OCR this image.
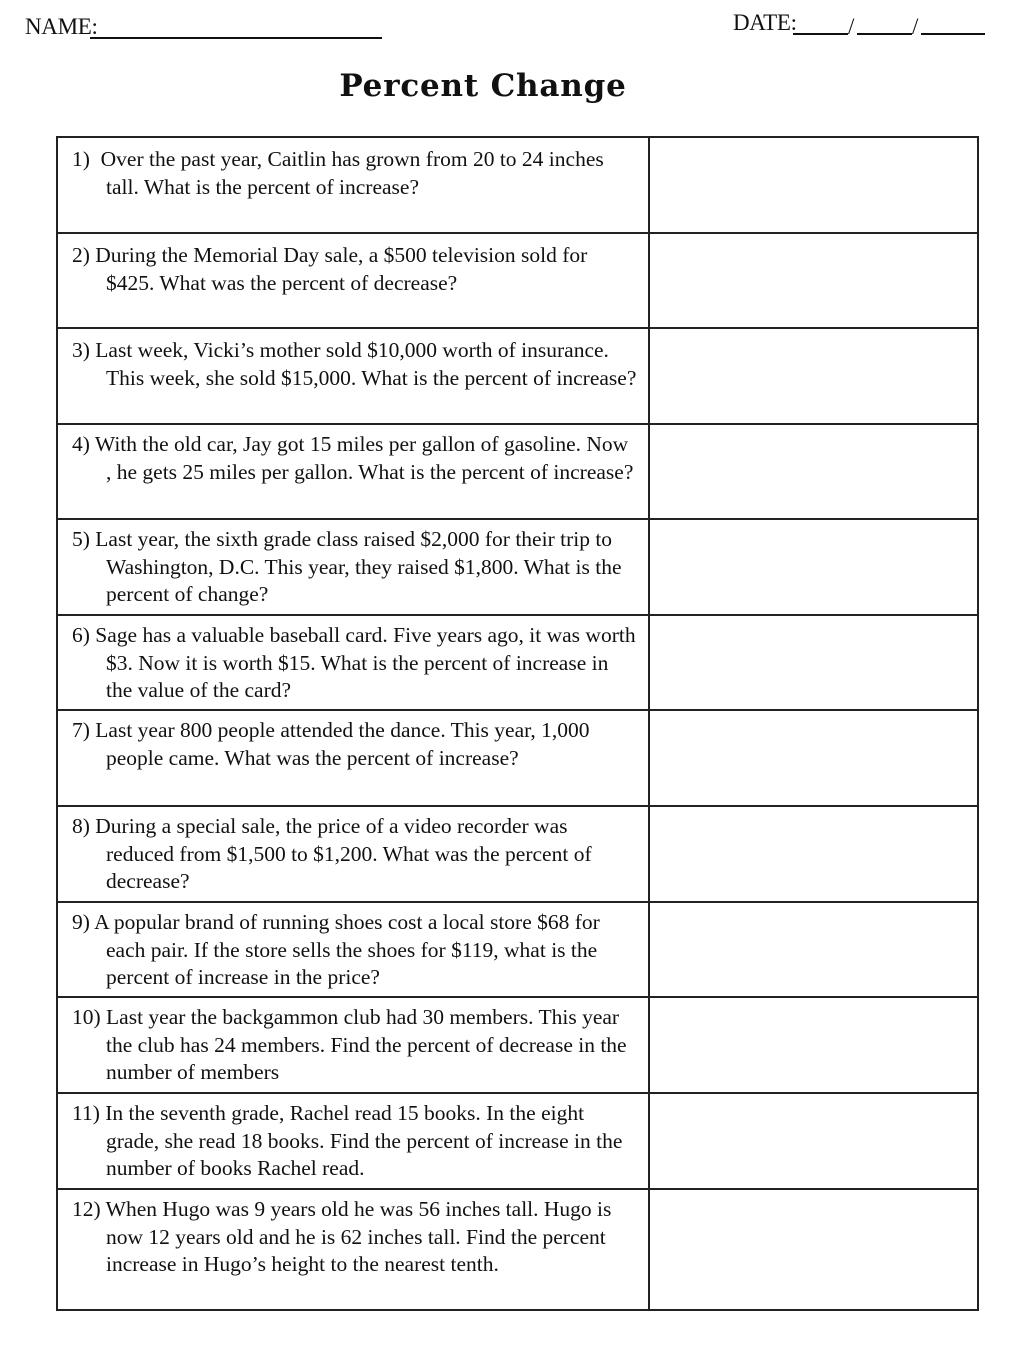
NAME:	DATE: /	/
Percent Change
1)  Over the past year, Caitlin has grown from 20 to 24 inches tall. What is the percent of increase?
2) During the Memorial Day sale, a $500 television sold for $425. What was the percent of decrease?
3) Last week, Vicki’s mother sold $10,000 worth of insurance. This week, she sold $15,000. What is the percent of increase?
4) With the old car, Jay got 15 miles per gallon of gasoline. Now , he gets 25 miles per gallon. What is the percent of increase?
5) Last year, the sixth grade class raised $2,000 for their trip to Washington, D.C. This year, they raised $1,800. What is the percent of change?
6) Sage has a valuable baseball card. Five years ago, it was worth $3. Now it is worth $15. What is the percent of increase in the value of the card?
7) Last year 800 people attended the dance. This year, 1,000 people came. What was the percent of increase?
8) During a special sale, the price of a video recorder was reduced from $1,500 to $1,200. What was the percent of decrease?
9) A popular brand of running shoes cost a local store $68 for each pair. If the store sells the shoes for $119, what is the percent of increase in the price?
10) Last year the backgammon club had 30 members. This year the club has 24 members. Find the percent of decrease in the number of members
11) In the seventh grade, Rachel read 15 books. In the eight grade, she read 18 books. Find the percent of increase in the number of books Rachel read.
12) When Hugo was 9 years old he was 56 inches tall. Hugo is now 12 years old and he is 62 inches tall. Find the percent increase in Hugo’s height to the nearest tenth.
